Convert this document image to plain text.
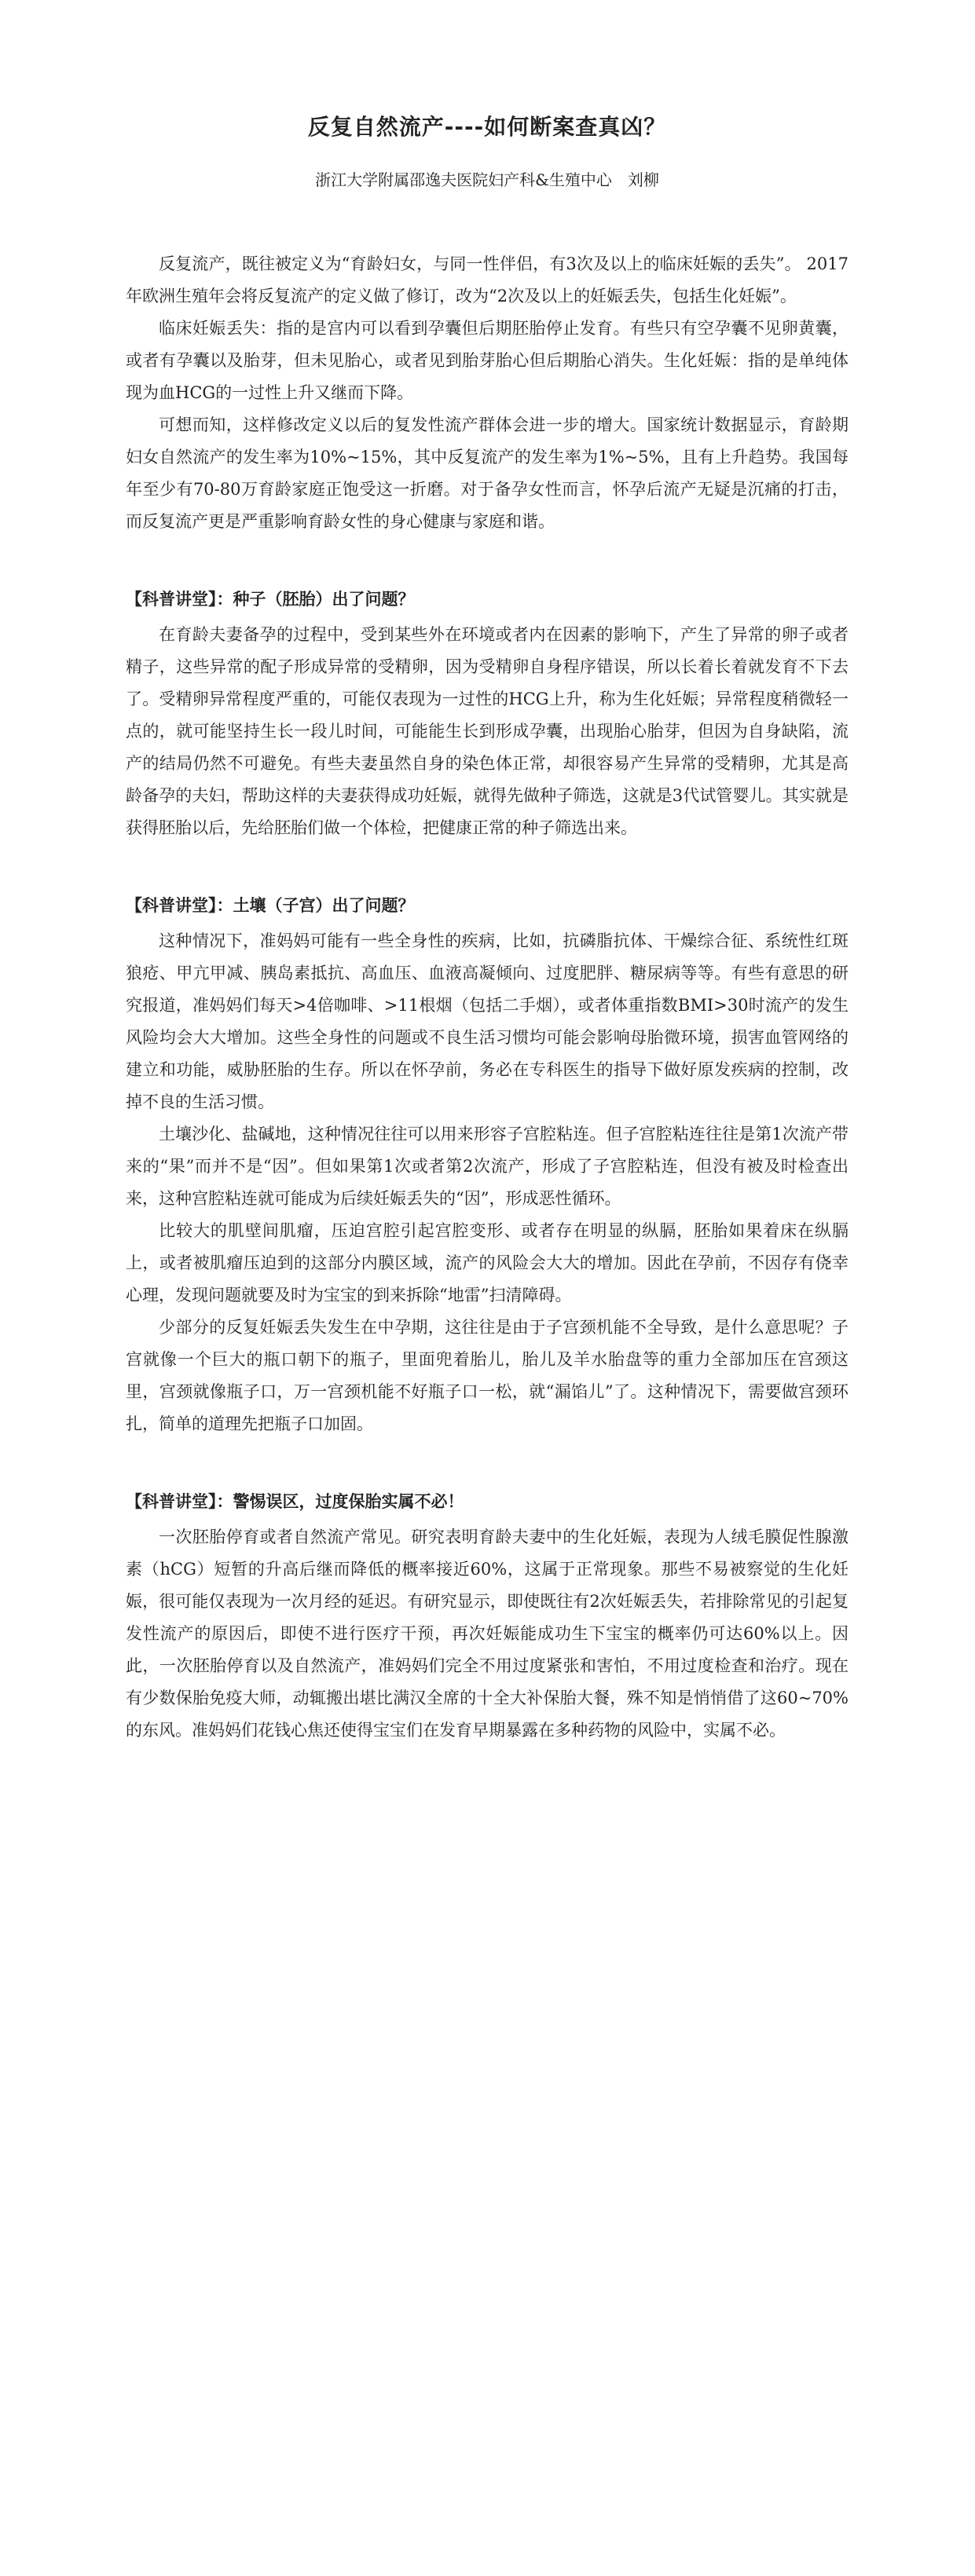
反复自然流产----如何断案查真凶？
浙江大学附属邵逸夫医院妇产科&生殖中心　刘柳

反复流产，既往被定义为“育龄妇女，与同一性伴侣，有3次及以上的临床妊娠的丢失”。 2017年欧洲生殖年会将反复流产的定义做了修订，改为“2次及以上的妊娠丢失，包括生化妊娠”。

临床妊娠丢失：指的是宫内可以看到孕囊但后期胚胎停止发育。有些只有空孕囊不见卵黄囊，或者有孕囊以及胎芽，但未见胎心，或者见到胎芽胎心但后期胎心消失。生化妊娠：指的是单纯体现为血HCG的一过性上升又继而下降。

可想而知，这样修改定义以后的复发性流产群体会进一步的增大。国家统计数据显示，育龄期妇女自然流产的发生率为10%~15%，其中反复流产的发生率为1%~5%，且有上升趋势。我国每年至少有70-80万育龄家庭正饱受这一折磨。对于备孕女性而言，怀孕后流产无疑是沉痛的打击，而反复流产更是严重影响育龄女性的身心健康与家庭和谐。

【科普讲堂】：种子（胚胎）出了问题？

在育龄夫妻备孕的过程中，受到某些外在环境或者内在因素的影响下，产生了异常的卵子或者精子，这些异常的配子形成异常的受精卵，因为受精卵自身程序错误，所以长着长着就发育不下去了。受精卵异常程度严重的，可能仅表现为一过性的HCG上升，称为生化妊娠；异常程度稍微轻一点的，就可能坚持生长一段儿时间，可能能生长到形成孕囊，出现胎心胎芽，但因为自身缺陷，流产的结局仍然不可避免。有些夫妻虽然自身的染色体正常，却很容易产生异常的受精卵，尤其是高龄备孕的夫妇，帮助这样的夫妻获得成功妊娠，就得先做种子筛选，这就是3代试管婴儿。其实就是获得胚胎以后，先给胚胎们做一个体检，把健康正常的种子筛选出来。

【科普讲堂】：土壤（子宫）出了问题？

这种情况下，准妈妈可能有一些全身性的疾病，比如，抗磷脂抗体、干燥综合征、系统性红斑狼疮、甲亢甲减、胰岛素抵抗、高血压、血液高凝倾向、过度肥胖、糖尿病等等。有些有意思的研究报道，准妈妈们每天>4倍咖啡、>11根烟（包括二手烟），或者体重指数BMI>30时流产的发生风险均会大大增加。这些全身性的问题或不良生活习惯均可能会影响母胎微环境，损害血管网络的建立和功能，威胁胚胎的生存。所以在怀孕前，务必在专科医生的指导下做好原发疾病的控制，改掉不良的生活习惯。

土壤沙化、盐碱地，这种情况往往可以用来形容子宫腔粘连。但子宫腔粘连往往是第1次流产带来的“果”而并不是“因”。但如果第1次或者第2次流产，形成了子宫腔粘连，但没有被及时检查出来，这种宫腔粘连就可能成为后续妊娠丢失的“因”，形成恶性循环。

比较大的肌壁间肌瘤，压迫宫腔引起宫腔变形、或者存在明显的纵膈，胚胎如果着床在纵膈上，或者被肌瘤压迫到的这部分内膜区域，流产的风险会大大的增加。因此在孕前，不因存有侥幸心理，发现问题就要及时为宝宝的到来拆除“地雷”扫清障碍。

少部分的反复妊娠丢失发生在中孕期，这往往是由于子宫颈机能不全导致，是什么意思呢？子宫就像一个巨大的瓶口朝下的瓶子，里面兜着胎儿，胎儿及羊水胎盘等的重力全部加压在宫颈这里，宫颈就像瓶子口，万一宫颈机能不好瓶子口一松，就“漏馅儿”了。这种情况下，需要做宫颈环扎，简单的道理先把瓶子口加固。

【科普讲堂】：警惕误区，过度保胎实属不必！

一次胚胎停育或者自然流产常见。研究表明育龄夫妻中的生化妊娠，表现为人绒毛膜促性腺激素（hCG）短暂的升高后继而降低的概率接近60%，这属于正常现象。那些不易被察觉的生化妊娠，很可能仅表现为一次月经的延迟。有研究显示，即使既往有2次妊娠丢失，若排除常见的引起复发性流产的原因后，即使不进行医疗干预，再次妊娠能成功生下宝宝的概率仍可达60%以上。因此，一次胚胎停育以及自然流产，准妈妈们完全不用过度紧张和害怕，不用过度检查和治疗。现在有少数保胎免疫大师，动辄搬出堪比满汉全席的十全大补保胎大餐，殊不知是悄悄借了这60~70%的东风。准妈妈们花钱心焦还使得宝宝们在发育早期暴露在多种药物的风险中，实属不必。
